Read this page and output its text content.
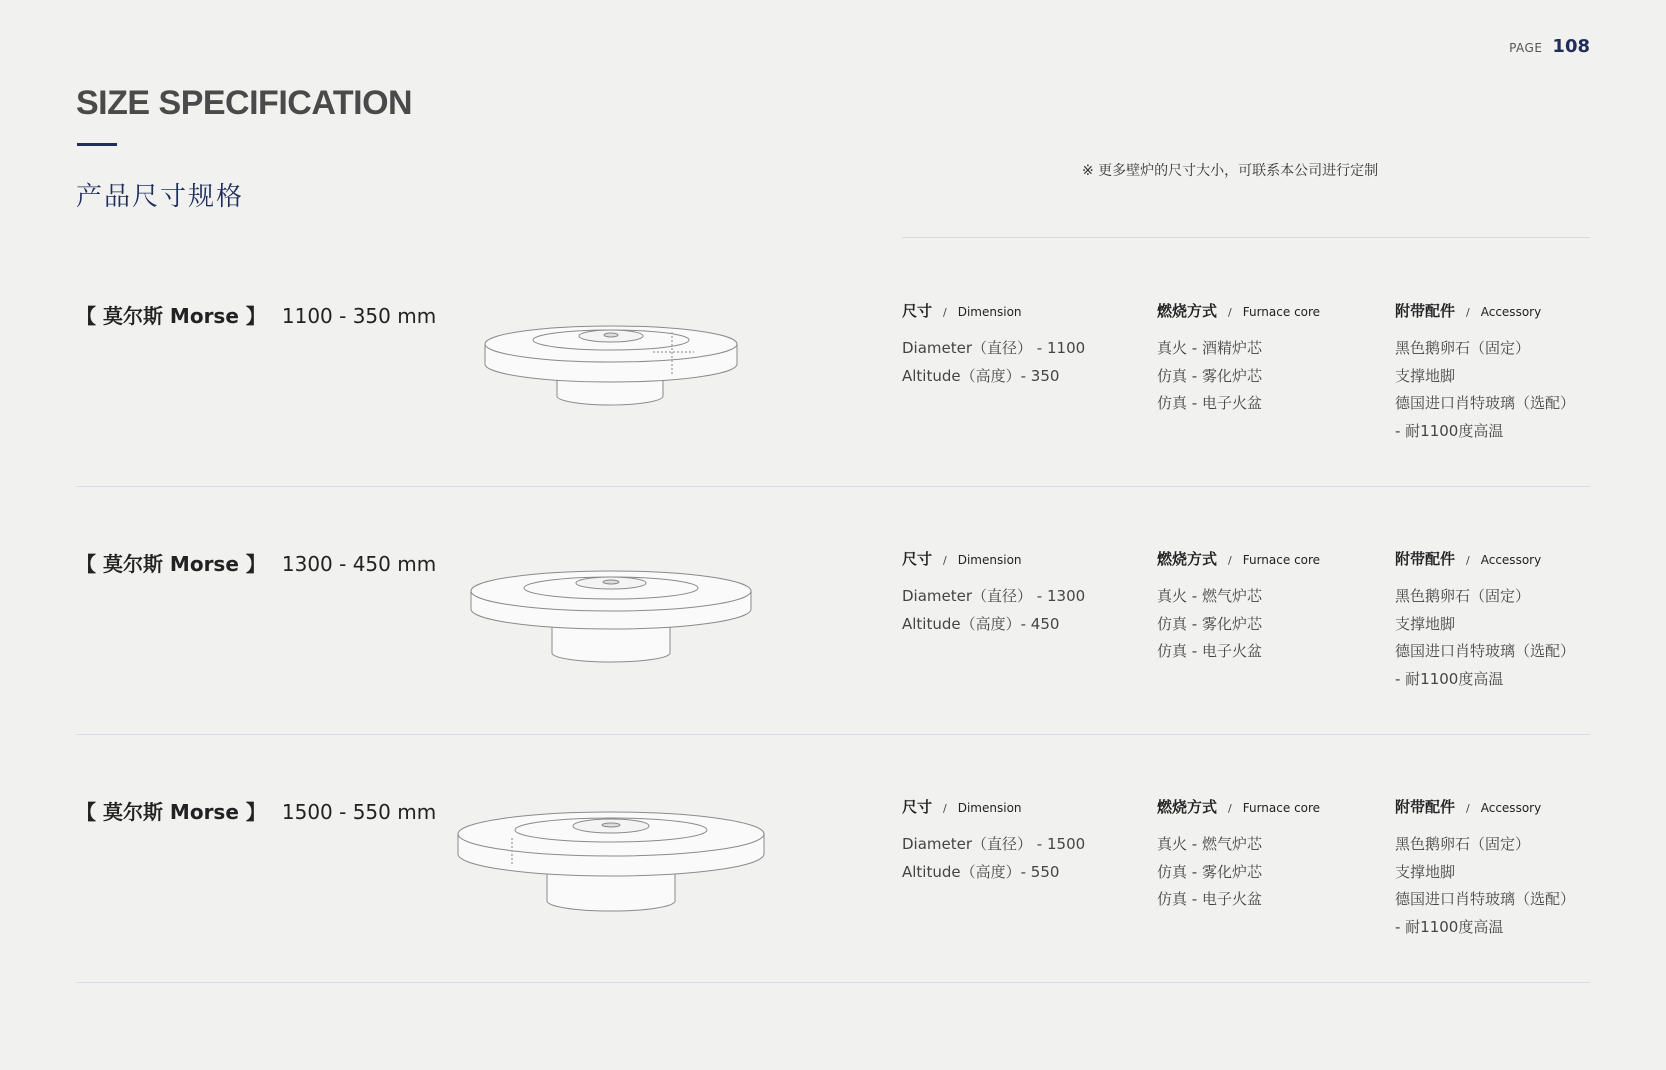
PAGE 108
SIZE SPECIFICATION
产品尺寸规格
※ 更多壁炉的尺寸大小，可联系本公司进行定制
【 莫尔斯 Morse 】 1100 - 350 mm	尺寸 / Dimension
Diameter（直径） - 1100
Altitude（高度）- 350
燃烧方式 / Furnace core
真火 - 酒精炉芯
仿真 - 雾化炉芯
仿真 - 电子火盆
附带配件 / Accessory
黑色鹅卵石（固定）
支撑地脚
德国进口肖特玻璃（选配）
- 耐1100度高温
【 莫尔斯 Morse 】 1300 - 450 mm	尺寸 / Dimension
Diameter（直径） - 1300
Altitude（高度）- 450
燃烧方式 / Furnace core
真火 - 燃气炉芯
仿真 - 雾化炉芯
仿真 - 电子火盆
附带配件 / Accessory
黑色鹅卵石（固定）
支撑地脚
德国进口肖特玻璃（选配）
- 耐1100度高温
【 莫尔斯 Morse 】 1500 - 550 mm	尺寸 / Dimension
Diameter（直径） - 1500
Altitude（高度）- 550
燃烧方式 / Furnace core
真火 - 燃气炉芯
仿真 - 雾化炉芯
仿真 - 电子火盆
附带配件 / Accessory
黑色鹅卵石（固定）
支撑地脚
德国进口肖特玻璃（选配）
- 耐1100度高温
